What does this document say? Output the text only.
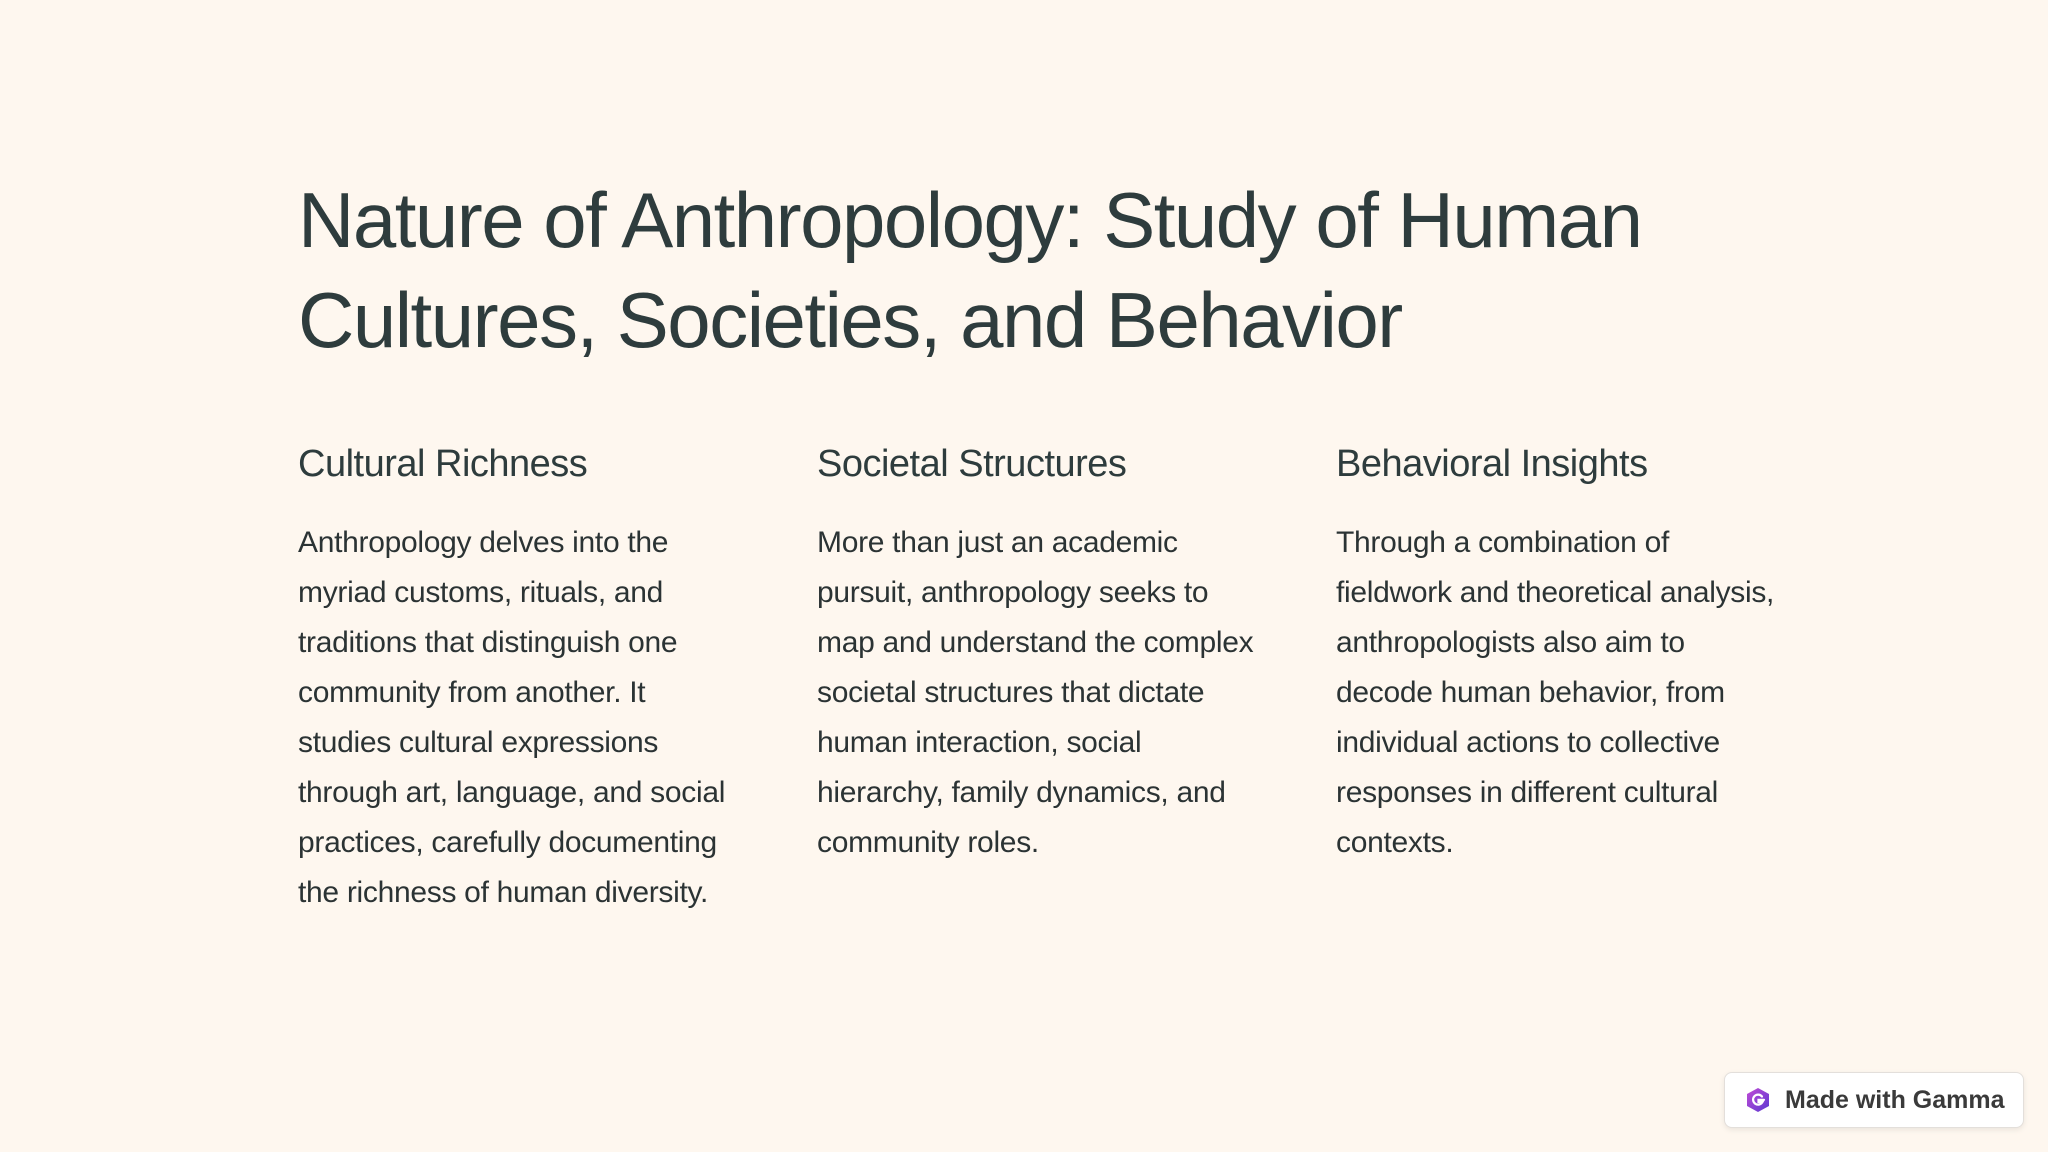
Nature of Anthropology: Study of Human Cultures, Societies, and Behavior
Cultural Richness

Anthropology delves into the myriad customs, rituals, and traditions that distinguish one community from another. It studies cultural expressions through art, language, and social practices, carefully documenting the richness of human diversity.

Societal Structures

More than just an academic pursuit, anthropology seeks to map and understand the complex societal structures that dictate human interaction, social hierarchy, family dynamics, and community roles.

Behavioral Insights

Through a combination of fieldwork and theoretical analysis, anthropologists also aim to decode human behavior, from individual actions to collective responses in different cultural contexts.

Made with Gamma
